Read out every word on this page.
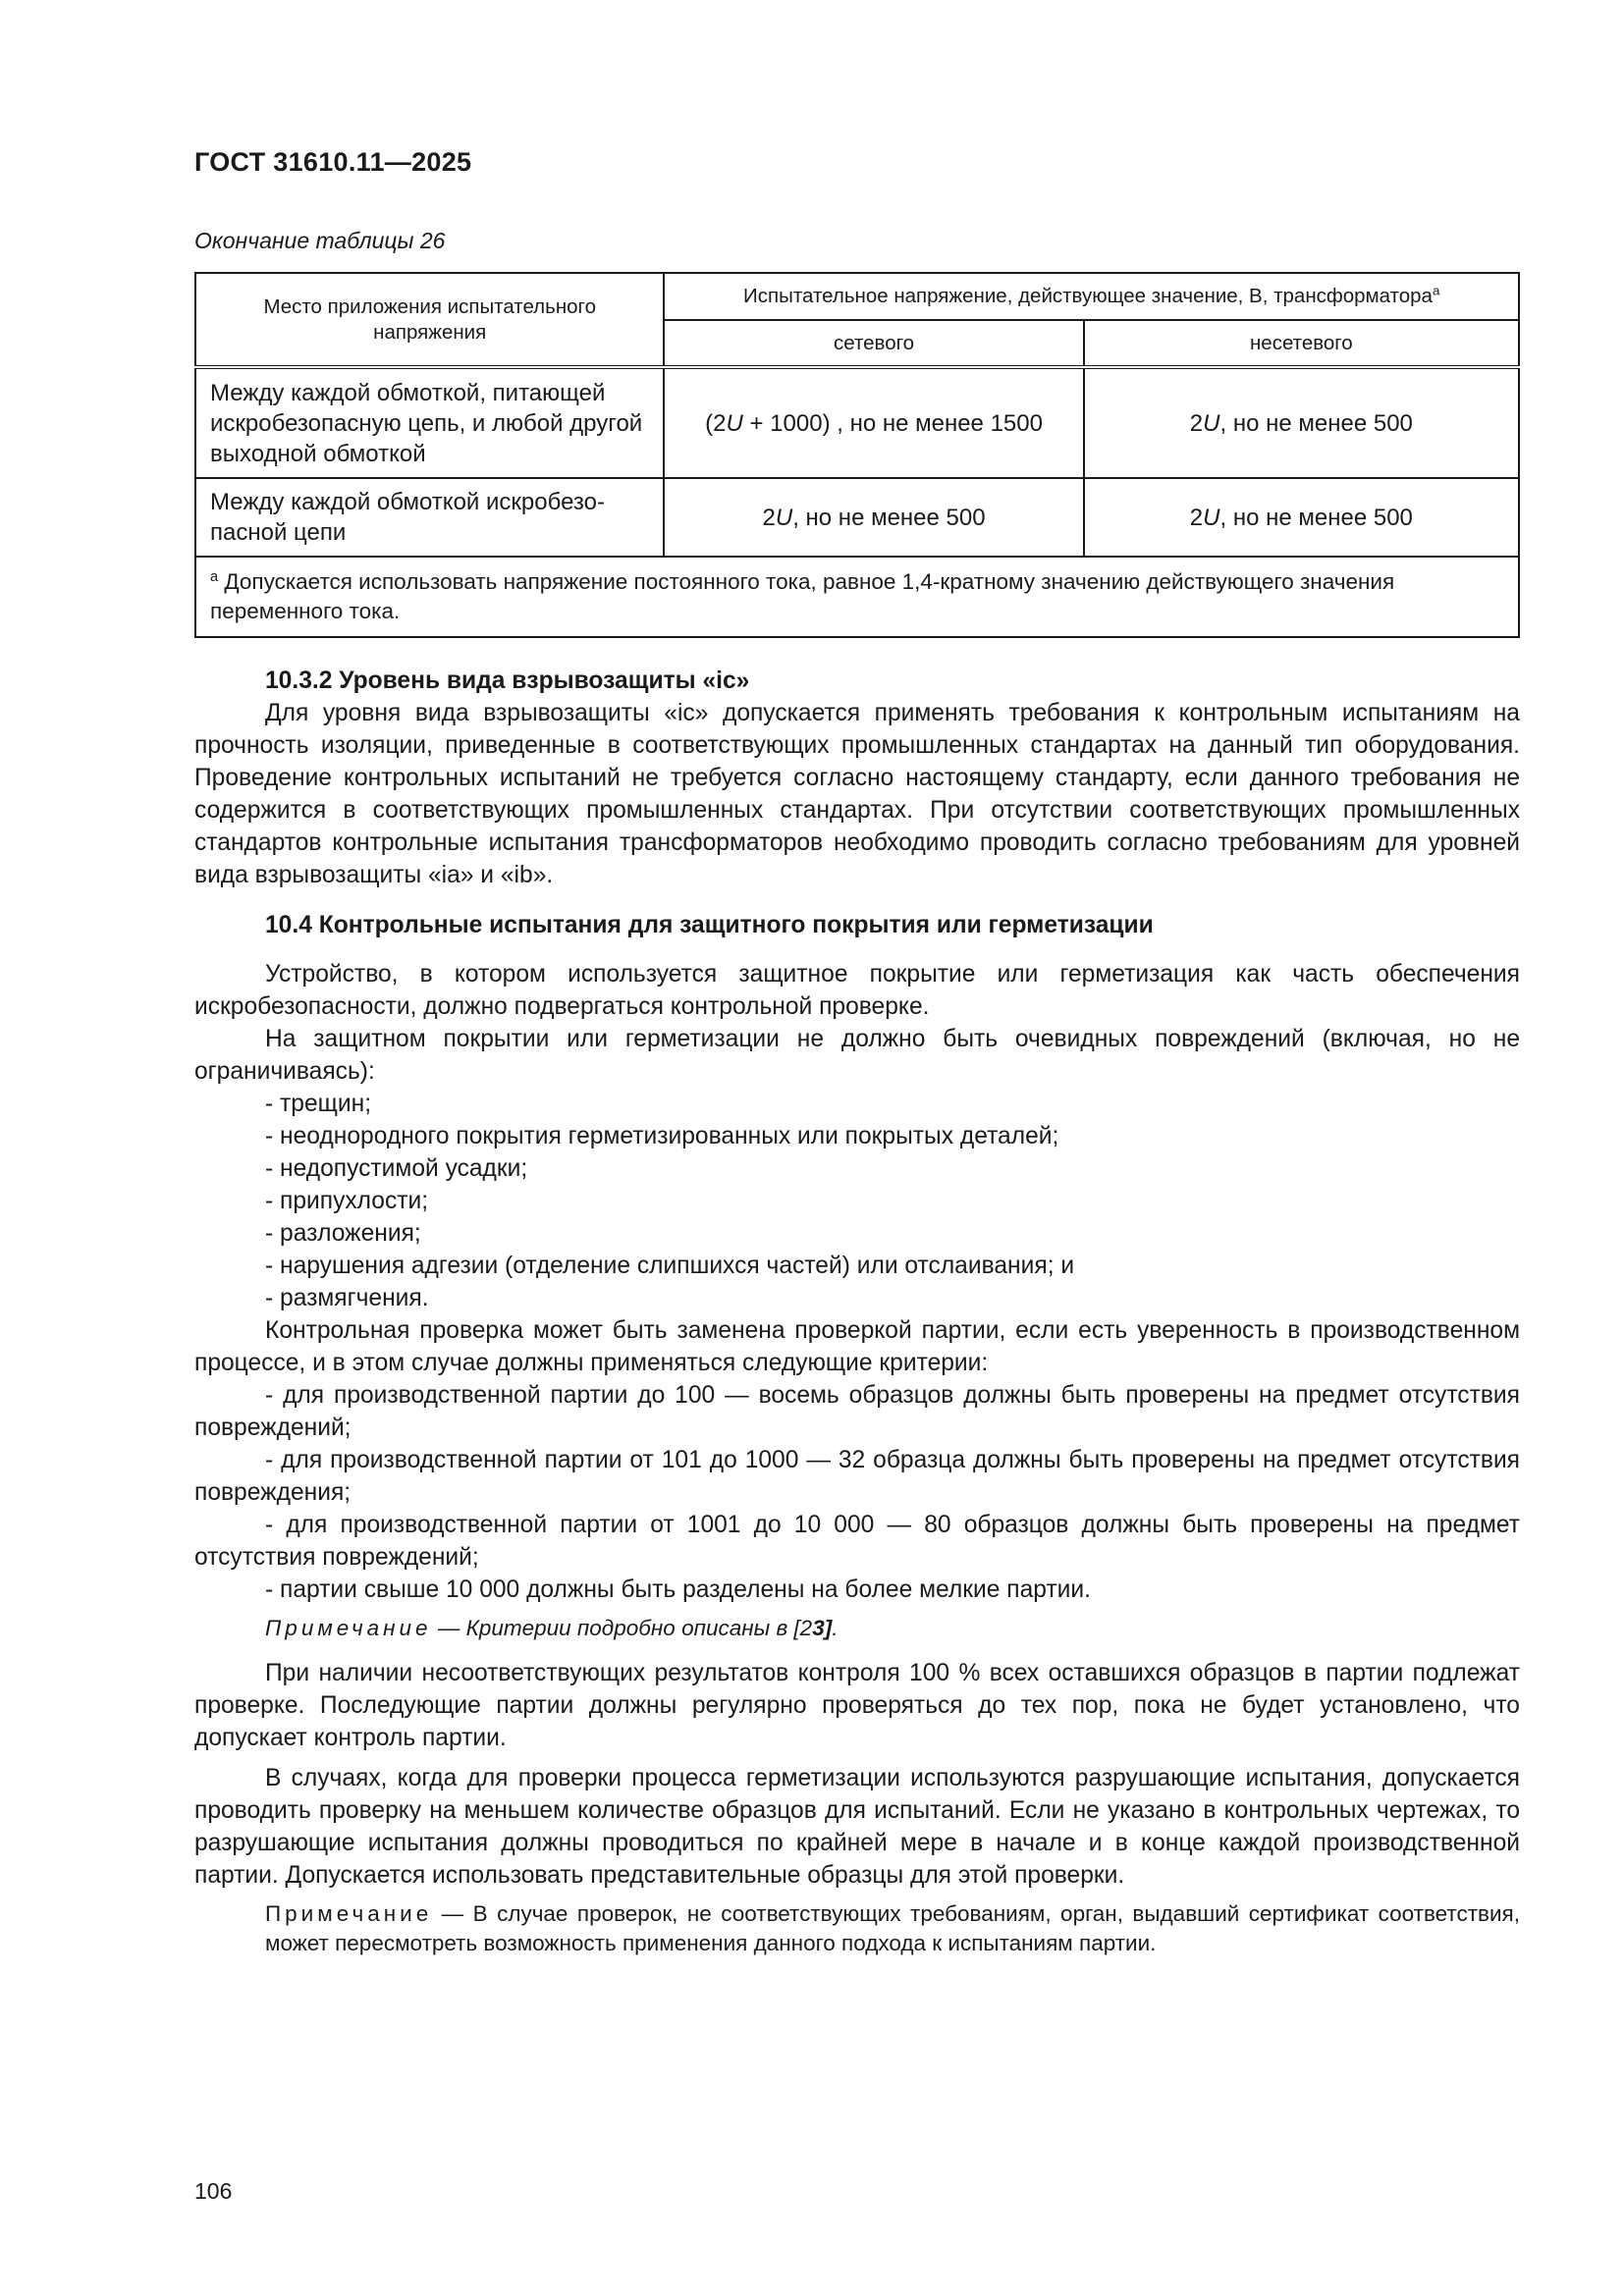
ГОСТ 31610.11—2025
Окончание таблицы 26
Место приложения испытательного напряжения	Испытательное напряжение, действующее значение, В, трансформатора$^a$
	сетевого	несетевого
Между каждой обмоткой, питающей искробезопасную цепь, и любой другой выходной обмоткой	(2U + 1000) , но не менее 1500	2U, но не менее 500
Между каждой обмоткой искробезо-пасной цепи	2U, но не менее 500	2U, но не менее 500
$^a$ Допускается использовать напряжение постоянного тока, равное 1,4-кратному значению действующего значения переменного тока.		

10.3.2 Уровень вида взрывозащиты «ic»

Для уровня вида взрывозащиты «ic» допускается применять требования к контрольным испытаниям на прочность изоляции, приведенные в соответствующих промышленных стандартах на данный тип оборудования. Проведение контрольных испытаний не требуется согласно настоящему стандарту, если данного требования не содержится в соответствующих промышленных стандартах. При отсутствии соответствующих промышленных стандартов контрольные испытания трансформаторов необходимо проводить согласно требованиям для уровней вида взрывозащиты «ia» и «ib».

10.4 Контрольные испытания для защитного покрытия или герметизации

Устройство, в котором используется защитное покрытие или герметизация как часть обеспечения искробезопасности, должно подвергаться контрольной проверке.

На защитном покрытии или герметизации не должно быть очевидных повреждений (включая, но не ограничиваясь):

- трещин;

- неоднородного покрытия герметизированных или покрытых деталей;

- недопустимой усадки;

- припухлости;

- разложения;

- нарушения адгезии (отделение слипшихся частей) или отслаивания; и

- размягчения.

Контрольная проверка может быть заменена проверкой партии, если есть уверенность в производственном процессе, и в этом случае должны применяться следующие критерии:

- для производственной партии до 100 — восемь образцов должны быть проверены на предмет отсутствия повреждений;

- для производственной партии от 101 до 1000 — 32 образца должны быть проверены на предмет отсутствия повреждения;

- для производственной партии от 1001 до 10 000 — 80 образцов должны быть проверены на предмет отсутствия повреждений;

- партии свыше 10 000 должны быть разделены на более мелкие партии.

Примечание — Критерии подробно описаны в [23].

При наличии несоответствующих результатов контроля 100 % всех оставшихся образцов в партии подлежат проверке. Последующие партии должны регулярно проверяться до тех пор, пока не будет установлено, что допускает контроль партии.

В случаях, когда для проверки процесса герметизации используются разрушающие испытания, допускается проводить проверку на меньшем количестве образцов для испытаний. Если не указано в контрольных чертежах, то разрушающие испытания должны проводиться по крайней мере в начале и в конце каждой производственной партии. Допускается использовать представительные образцы для этой проверки.

Примечание — В случае проверок, не соответствующих требованиям, орган, выдавший сертификат соответствия, может пересмотреть возможность применения данного подхода к испытаниям партии.

106
